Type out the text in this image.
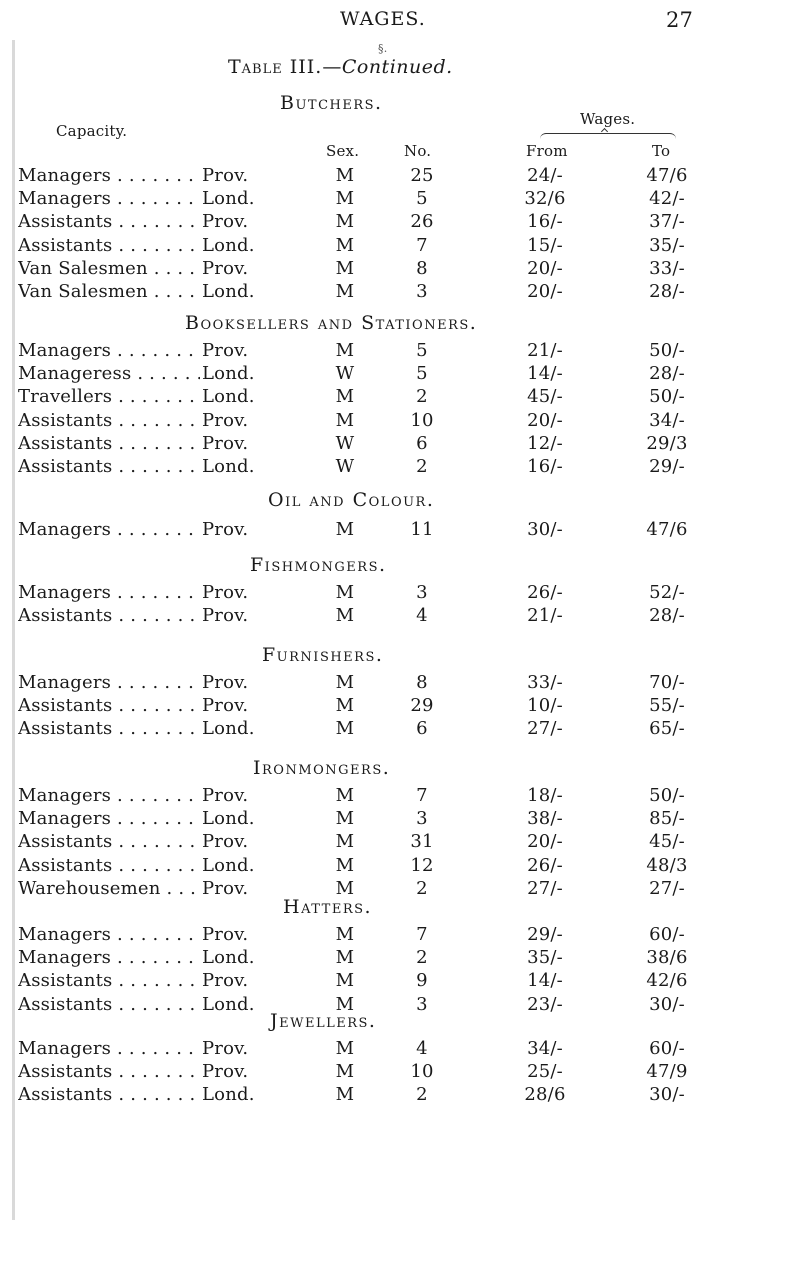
WAGES.	27
§.
Table III.—Continued.
Butchers.
Capacity.
Wages.
Sex.	No.	From	To
Managers . . .	Prov.	M	25	24/-	47/6
Managers . . .	Lond.	M	5	32/6	42/-
Assistants . . .	Prov.	M	26	16/-	37/-
Assistants . . .	Lond.	M	7	15/-	35/-
Van Salesmen . . .	Prov.	M	8	20/-	33/-
Van Salesmen . . .	Lond.	M	3	20/-	28/-
Booksellers and Stationers.
Managers . . .	Prov.	M	5	21/-	50/-
Manageress . . .	Lond.	W	5	14/-	28/-
Travellers . . .	Lond.	M	2	45/-	50/-
Assistants . . .	Prov.	M	10	20/-	34/-
Assistants . . .	Prov.	W	6	12/-	29/3
Assistants . . .	Lond.	W	2	16/-	29/-
Oil and Colour.
Managers . . .	Prov.	M	11	30/-	47/6
Fishmongers.
Managers . . .	Prov.	M	3	26/-	52/-
Assistants . . .	Prov.	M	4	21/-	28/-
Furnishers.
Managers . . .	Prov.	M	8	33/-	70/-
Assistants . . .	Prov.	M	29	10/-	55/-
Assistants . . .	Lond.	M	6	27/-	65/-
Ironmongers.
Managers . . .	Prov.	M	7	18/-	50/-
Managers . . .	Lond.	M	3	38/-	85/-
Assistants . . .	Prov.	M	31	20/-	45/-
Assistants . . .	Lond.	M	12	26/-	48/3
Warehousemen . . .	Prov.	M	2	27/-	27/-
Hatters.
Managers . . .	Prov.	M	7	29/-	60/-
Managers . . .	Lond.	M	2	35/-	38/6
Assistants . . .	Prov.	M	9	14/-	42/6
Assistants . . .	Lond.	M	3	23/-	30/-
Jewellers.
Managers . . .	Prov.	M	4	34/-	60/-
Assistants . . .	Prov.	M	10	25/-	47/9
Assistants . . .	Lond.	M	2	28/6	30/-
